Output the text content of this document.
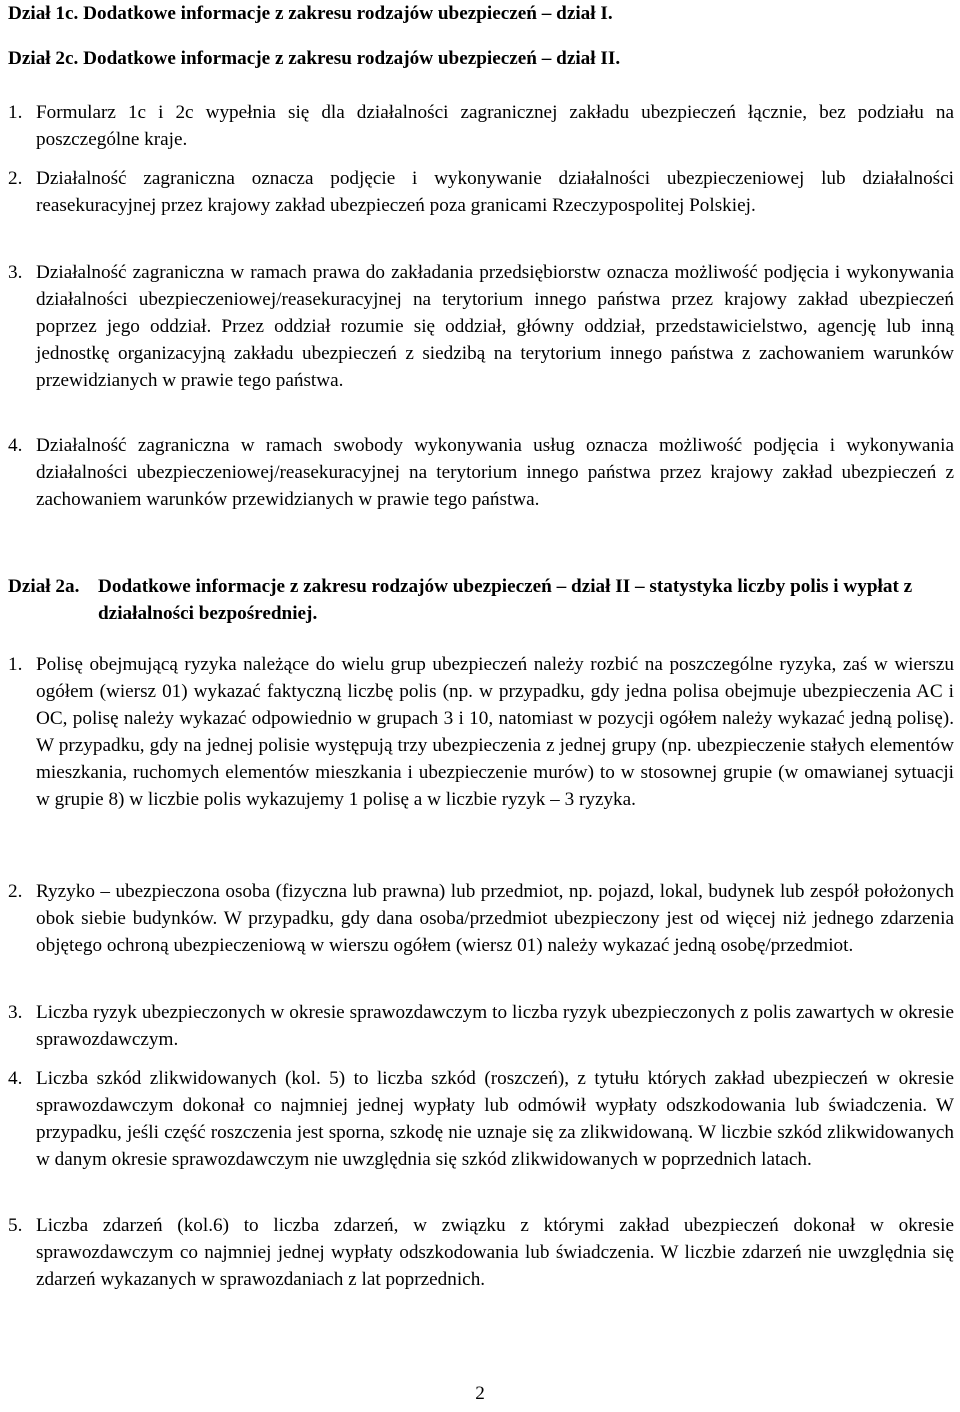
Dział 1c. Dodatkowe informacje z zakresu rodzajów ubezpieczeń – dział I.
Dział 2c. Dodatkowe informacje z zakresu rodzajów ubezpieczeń – dział II.
1. Formularz 1c i 2c wypełnia się dla działalności zagranicznej zakładu ubezpieczeń łącznie, bez podziału na poszczególne kraje.
2. Działalność zagraniczna oznacza podjęcie i wykonywanie działalności ubezpieczeniowej lub działalności reasekuracyjnej przez krajowy zakład ubezpieczeń poza granicami Rzeczypospolitej Polskiej.
3. Działalność zagraniczna w ramach prawa do zakładania przedsiębiorstw oznacza możliwość podjęcia i wykonywania działalności ubezpieczeniowej/reasekuracyjnej na terytorium innego państwa przez krajowy zakład ubezpieczeń poprzez jego oddział. Przez oddział rozumie się oddział, główny oddział, przedstawicielstwo, agencję lub inną jednostkę organizacyjną zakładu ubezpieczeń z siedzibą na terytorium innego państwa z zachowaniem warunków przewidzianych w prawie tego państwa.
4. Działalność zagraniczna w ramach swobody wykonywania usług oznacza możliwość podjęcia i wykonywania działalności ubezpieczeniowej/reasekuracyjnej na terytorium innego państwa przez krajowy zakład ubezpieczeń z zachowaniem warunków przewidzianych w prawie tego państwa.
Dział 2a. Dodatkowe informacje z zakresu rodzajów ubezpieczeń – dział II – statystyka liczby polis i wypłat z działalności bezpośredniej.
1. Polisę obejmującą ryzyka należące do wielu grup ubezpieczeń należy rozbić na poszczególne ryzyka, zaś w wierszu ogółem (wiersz 01) wykazać faktyczną liczbę polis (np. w przypadku, gdy jedna polisa obejmuje ubezpieczenia AC i OC, polisę należy wykazać odpowiednio w grupach 3 i 10, natomiast w pozycji ogółem należy wykazać jedną polisę). W przypadku, gdy na jednej polisie występują trzy ubezpieczenia z jednej grupy (np. ubezpieczenie stałych elementów mieszkania, ruchomych elementów mieszkania i ubezpieczenie murów) to w stosownej grupie (w omawianej sytuacji w grupie 8) w liczbie polis wykazujemy 1 polisę a w liczbie ryzyk – 3 ryzyka.
2. Ryzyko – ubezpieczona osoba (fizyczna lub prawna) lub przedmiot, np. pojazd, lokal, budynek lub zespół położonych obok siebie budynków. W przypadku, gdy dana osoba/przedmiot ubezpieczony jest od więcej niż jednego zdarzenia objętego ochroną ubezpieczeniową w wierszu ogółem (wiersz 01) należy wykazać jedną osobę/przedmiot.
3. Liczba ryzyk ubezpieczonych w okresie sprawozdawczym to liczba ryzyk ubezpieczonych z polis zawartych w okresie sprawozdawczym.
4. Liczba szkód zlikwidowanych (kol. 5) to liczba szkód (roszczeń), z tytułu których zakład ubezpieczeń w okresie sprawozdawczym dokonał co najmniej jednej wypłaty lub odmówił wypłaty odszkodowania lub świadczenia. W przypadku, jeśli część roszczenia jest sporna, szkodę nie uznaje się za zlikwidowaną. W liczbie szkód zlikwidowanych w danym okresie sprawozdawczym nie uwzględnia się szkód zlikwidowanych w poprzednich latach.
5. Liczba zdarzeń (kol.6) to liczba zdarzeń, w związku z którymi zakład ubezpieczeń dokonał w okresie sprawozdawczym co najmniej jednej wypłaty odszkodowania lub świadczenia. W liczbie zdarzeń nie uwzględnia się zdarzeń wykazanych w sprawozdaniach z lat poprzednich.
2
